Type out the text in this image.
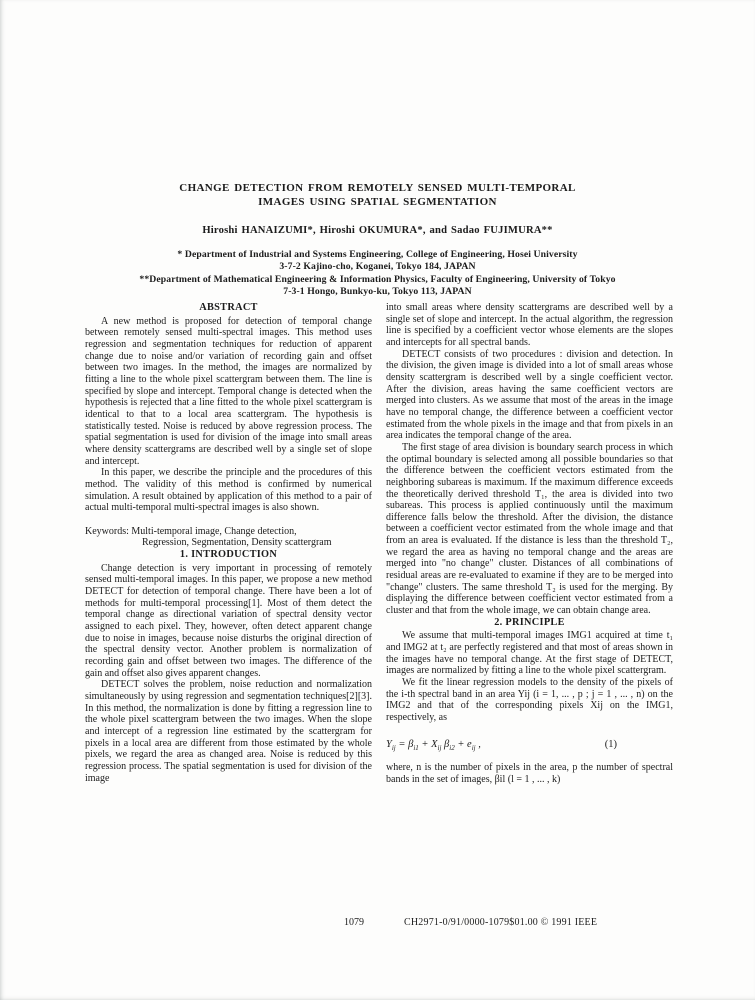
CHANGE DETECTION FROM REMOTELY SENSED MULTI-TEMPORAL
IMAGES USING SPATIAL SEGMENTATION
Hiroshi HANAIZUMI*, Hiroshi OKUMURA*, and Sadao FUJIMURA**
* Department of Industrial and Systems Engineering, College of Engineering, Hosei University
3-7-2 Kajino-cho, Koganei, Tokyo 184, JAPAN
**Department of Mathematical Engineering & Information Physics, Faculty of Engineering, University of Tokyo
7-3-1 Hongo, Bunkyo-ku, Tokyo 113, JAPAN
ABSTRACT

A new method is proposed for detection of temporal change between remotely sensed multi-spectral images. This method uses regression and segmentation techniques for reduction of apparent change due to noise and/or variation of recording gain and offset between two images. In the method, the images are normalized by fitting a line to the whole pixel scattergram between them. The line is specified by slope and intercept. Temporal change is detected when the hypothesis is rejected that a line fitted to the whole pixel scattergram is identical to that to a local area scattergram. The hypothesis is statistically tested. Noise is reduced by above regression process. The spatial segmentation is used for division of the image into small areas where density scattergrams are described well by a single set of slope and intercept.

In this paper, we describe the principle and the procedures of this method. The validity of this method is confirmed by numerical simulation. A result obtained by application of this method to a pair of actual multi-temporal multi-spectral images is also shown.

Keywords: Multi-temporal image, Change detection,
Regression, Segmentation, Density scattergram
1. INTRODUCTION

Change detection is very important in processing of remotely sensed multi-temporal images. In this paper, we propose a new method DETECT for detection of temporal change. There have been a lot of methods for multi-temporal processing[1]. Most of them detect the temporal change as directional variation of spectral density vector assigned to each pixel. They, however, often detect apparent change due to noise in images, because noise disturbs the original direction of the spectral density vector. Another problem is normalization of recording gain and offset between two images. The difference of the gain and offset also gives apparent changes.

DETECT solves the problem, noise reduction and normalization simultaneously by using regression and segmentation techniques[2][3]. In this method, the normalization is done by fitting a regression line to the whole pixel scattergram between the two images. When the slope and intercept of a regression line estimated by the scattergram for pixels in a local area are different from those estimated by the whole pixels, we regard the area as changed area. Noise is reduced by this regression process. The spatial segmentation is used for division of the image

into small areas where density scattergrams are described well by a single set of slope and intercept. In the actual algorithm, the regression line is specified by a coefficient vector whose elements are the slopes and intercepts for all spectral bands.

DETECT consists of two procedures : division and detection. In the division, the given image is divided into a lot of small areas whose density scattergram is described well by a single coefficient vector. After the division, areas having the same coefficient vectors are merged into clusters. As we assume that most of the areas in the image have no temporal change, the difference between a coefficient vector estimated from the whole pixels in the image and that from pixels in an area indicates the temporal change of the area.

The first stage of area division is boundary search process in which the optimal boundary is selected among all possible boundaries so that the difference between the coefficient vectors estimated from the neighboring subareas is maximum. If the maximum difference exceeds the theoretically derived threshold T₁, the area is divided into two subareas. This process is applied continuously until the maximum difference falls below the threshold. After the division, the distance between a coefficient vector estimated from the whole image and that from an area is evaluated. If the distance is less than the threshold T₂, we regard the area as having no temporal change and the areas are merged into "no change" cluster. Distances of all combinations of residual areas are re-evaluated to examine if they are to be merged into "change" clusters. The same threshold T₂ is used for the merging. By displaying the difference between coefficient vector estimated from a cluster and that from the whole image, we can obtain change area.

2. PRINCIPLE

We assume that multi-temporal images IMG1 acquired at time t₁ and IMG2 at t₂ are perfectly registered and that most of areas shown in the images have no temporal change. At the first stage of DETECT, images are normalized by fitting a line to the whole pixel scattergram.

We fit the linear regression models to the density of the pixels of the i-th spectral band in an area Yij (i = 1, ... , p ; j = 1 , ... , n) on the IMG2 and that of the corresponding pixels Xij on the IMG1, respectively, as

$Y_{ij} = \beta_{i1} + X_{ij}$ $\beta_{i2} + e_{ij}$ ,	(1)

where, n is the number of pixels in the area, p the number of spectral bands in the set of images, βil (l = 1 , ... , k)

1079	CH2971-0/91/0000-1079$01.00 © 1991 IEEE
